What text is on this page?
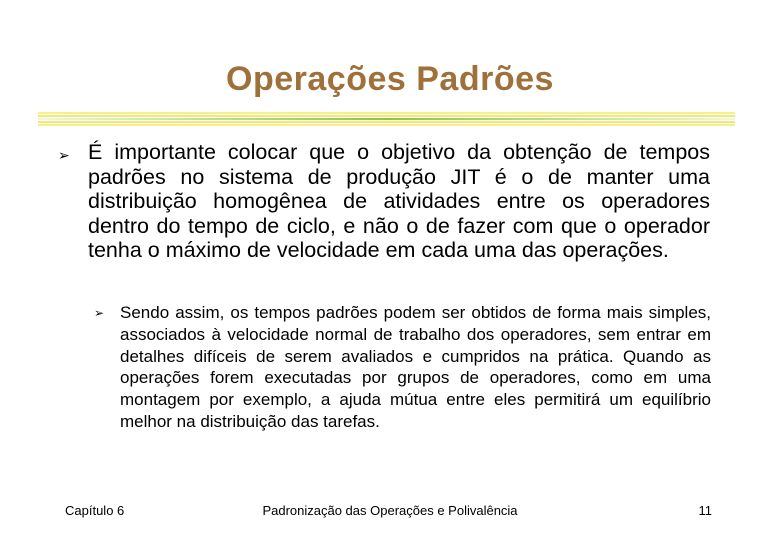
Operações Padrões
➢ É importante colocar que o objetivo da obtenção de tempos padrões no sistema de produção JIT é o de manter uma distribuição homogênea de atividades entre os operadores dentro do tempo de ciclo, e não o de fazer com que o operador tenha o máximo de velocidade em cada uma das operações.
➢ Sendo assim, os tempos padrões podem ser obtidos de forma mais simples, associados à velocidade normal de trabalho dos operadores, sem entrar em detalhes difíceis de serem avaliados e cumpridos na prática. Quando as operações forem executadas por grupos de operadores, como em uma montagem por exemplo, a ajuda mútua entre eles permitirá um equilíbrio melhor na distribuição das tarefas.
Capítulo 6	Padronização das Operações e Polivalência	11
